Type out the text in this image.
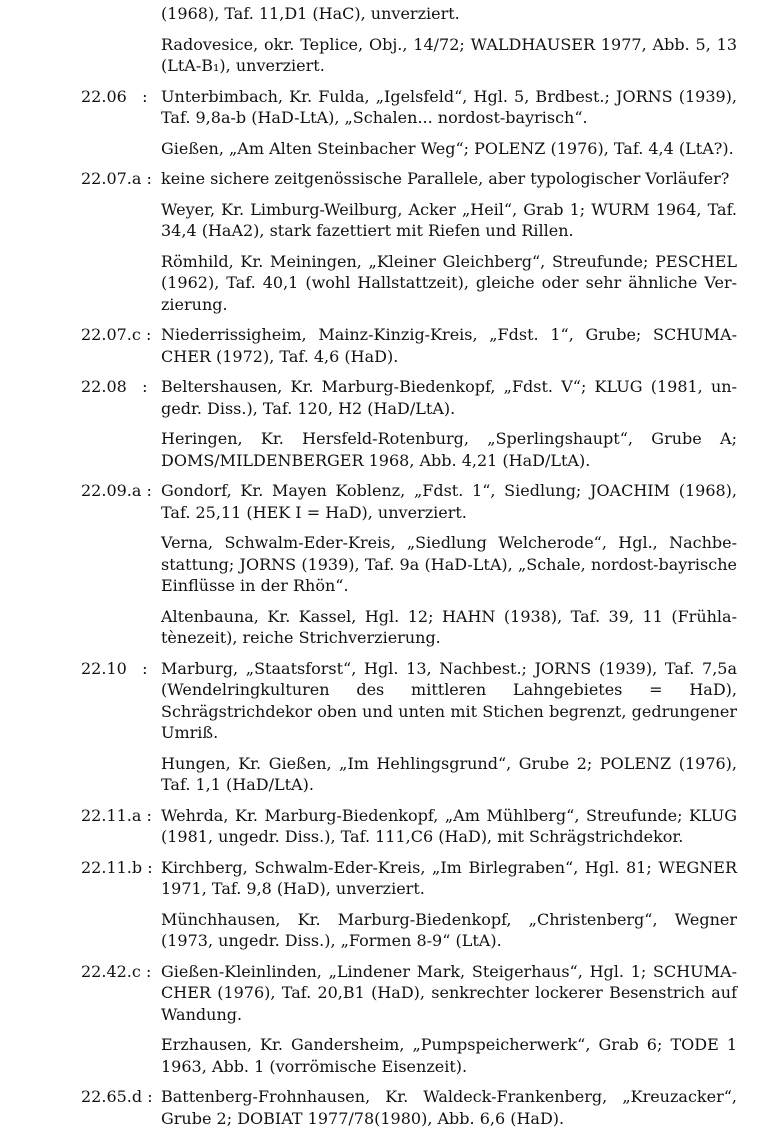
(1968), Taf. 11,D1 (HaC), unverziert.

Radovesice, okr. Teplice, Obj., 14/72; WALDHAUSER 1977, Abb. 5, 13 (LtA-B₁), unverziert.

22.06   : Unterbimbach, Kr. Fulda, „Igelsfeld“, Hgl. 5, Brdbest.; JORNS (1939), Taf. 9,8a-b (HaD-LtA), „Schalen... nordost-bayrisch“.

Gießen, „Am Alten Steinbacher Weg“; POLENZ (1976), Taf. 4,4 (LtA?).

22.07.a : keine sichere zeitgenössische Parallele, aber typologischer Vorläufer?

Weyer, Kr. Limburg-Weilburg, Acker „Heil“, Grab 1; WURM 1964, Taf. 34,4 (HaA2), stark fazettiert mit Riefen und Rillen.

Römhild, Kr. Meiningen, „Kleiner Gleichberg“, Streufunde; PESCHEL (1962), Taf. 40,1 (wohl Hallstattzeit), gleiche oder sehr ähnliche Verzierung.

22.07.c : Niederrissigheim, Mainz-Kinzig-Kreis, „Fdst. 1“, Grube; SCHUMACHER (1972), Taf. 4,6 (HaD).

22.08   : Beltershausen, Kr. Marburg-Biedenkopf, „Fdst. V“; KLUG (1981, ungedr. Diss.), Taf. 120, H2 (HaD/LtA).

Heringen, Kr. Hersfeld-Rotenburg, „Sperlingshaupt“, Grube A; DOMS/MILDENBERGER 1968, Abb. 4,21 (HaD/LtA).

22.09.a : Gondorf, Kr. Mayen Koblenz, „Fdst. 1“, Siedlung; JOACHIM (1968), Taf. 25,11 (HEK I = HaD), unverziert.

Verna, Schwalm-Eder-Kreis, „Siedlung Welcherode“, Hgl., Nachbestattung; JORNS (1939), Taf. 9a (HaD-LtA), „Schale, nordost-bayrische Einflüsse in der Rhön“.

Altenbauna, Kr. Kassel, Hgl. 12; HAHN (1938), Taf. 39, 11 (Frühlatènezeit), reiche Strichverzierung.

22.10   : Marburg, „Staatsforst“, Hgl. 13, Nachbest.; JORNS (1939), Taf. 7,5a (Wendelringkulturen des mittleren Lahngebietes = HaD), Schrägstrichdekor oben und unten mit Stichen begrenzt, gedrungener Umriß.

Hungen, Kr. Gießen, „Im Hehlingsgrund“, Grube 2; POLENZ (1976), Taf. 1,1 (HaD/LtA).

22.11.a : Wehrda, Kr. Marburg-Biedenkopf, „Am Mühlberg“, Streufunde; KLUG (1981, ungedr. Diss.), Taf. 111,C6 (HaD), mit Schrägstrichdekor.

22.11.b : Kirchberg, Schwalm-Eder-Kreis, „Im Birlegraben“, Hgl. 81; WEGNER 1971, Taf. 9,8 (HaD), unverziert.

Münchhausen, Kr. Marburg-Biedenkopf, „Christenberg“, Wegner (1973, ungedr. Diss.), „Formen 8-9“ (LtA).

22.42.c : Gießen-Kleinlinden, „Lindener Mark, Steigerhaus“, Hgl. 1; SCHUMACHER (1976), Taf. 20,B1 (HaD), senkrechter lockerer Besenstrich auf Wandung.

Erzhausen, Kr. Gandersheim, „Pumpspeicherwerk“, Grab 6; TODE 1 1963, Abb. 1 (vorrömische Eisenzeit).

22.65.d : Battenberg-Frohnhausen, Kr. Waldeck-Frankenberg, „Kreuzacker“, Grube 2; DOBIAT 1977/78(1980), Abb. 6,6 (HaD).
